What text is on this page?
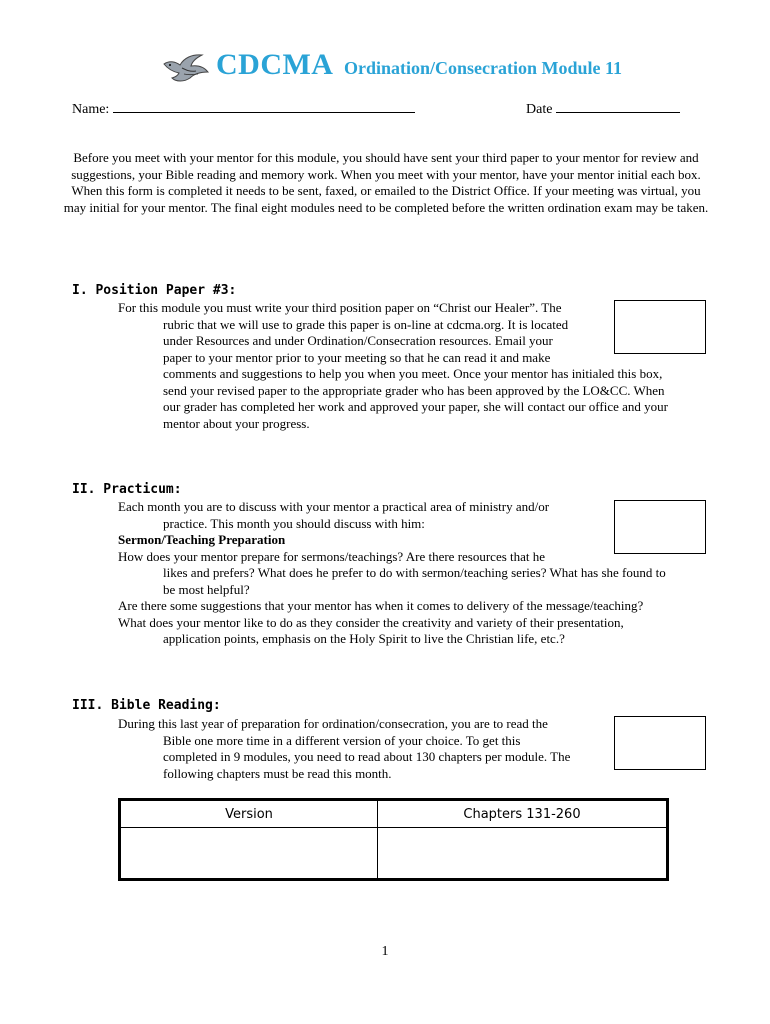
CDCMA Ordination/Consecration Module 11
Name:	Date
Before you meet with your mentor for this module, you should have sent your third paper to your mentor for review and suggestions, your Bible reading and memory work. When you meet with your mentor, have your mentor initial each box. When this form is completed it needs to be sent, faxed, or emailed to the District Office. If your meeting was virtual, you may initial for your mentor. The final eight modules need to be completed before the written ordination exam may be taken.
I. Position Paper #3:

For this module you must write your third position paper on “Christ our Healer”. The

rubric that we will use to grade this paper is on-line at cdcma.org. It is located

under Resources and under Ordination/Consecration resources. Email your

paper to your mentor prior to your meeting so that he can read it and make

comments and suggestions to help you when you meet. Once your mentor has initialed this box,

send your revised paper to the appropriate grader who has been approved by the LO&CC. When

our grader has completed her work and approved your paper, she will contact our office and your

mentor about your progress.

II. Practicum:

Each month you are to discuss with your mentor a practical area of ministry and/or

practice. This month you should discuss with him:

Sermon/Teaching Preparation

How does your mentor prepare for sermons/teachings? Are there resources that he

likes and prefers? What does he prefer to do with sermon/teaching series? What has she found to

be most helpful?

Are there some suggestions that your mentor has when it comes to delivery of the message/teaching?

What does your mentor like to do as they consider the creativity and variety of their presentation,

application points, emphasis on the Holy Spirit to live the Christian life, etc.?

III. Bible Reading:

During this last year of preparation for ordination/consecration, you are to read the

Bible one more time in a different version of your choice. To get this

completed in 9 modules, you need to read about 130 chapters per module. The

following chapters must be read this month.

Version	Chapters 131-260

1
